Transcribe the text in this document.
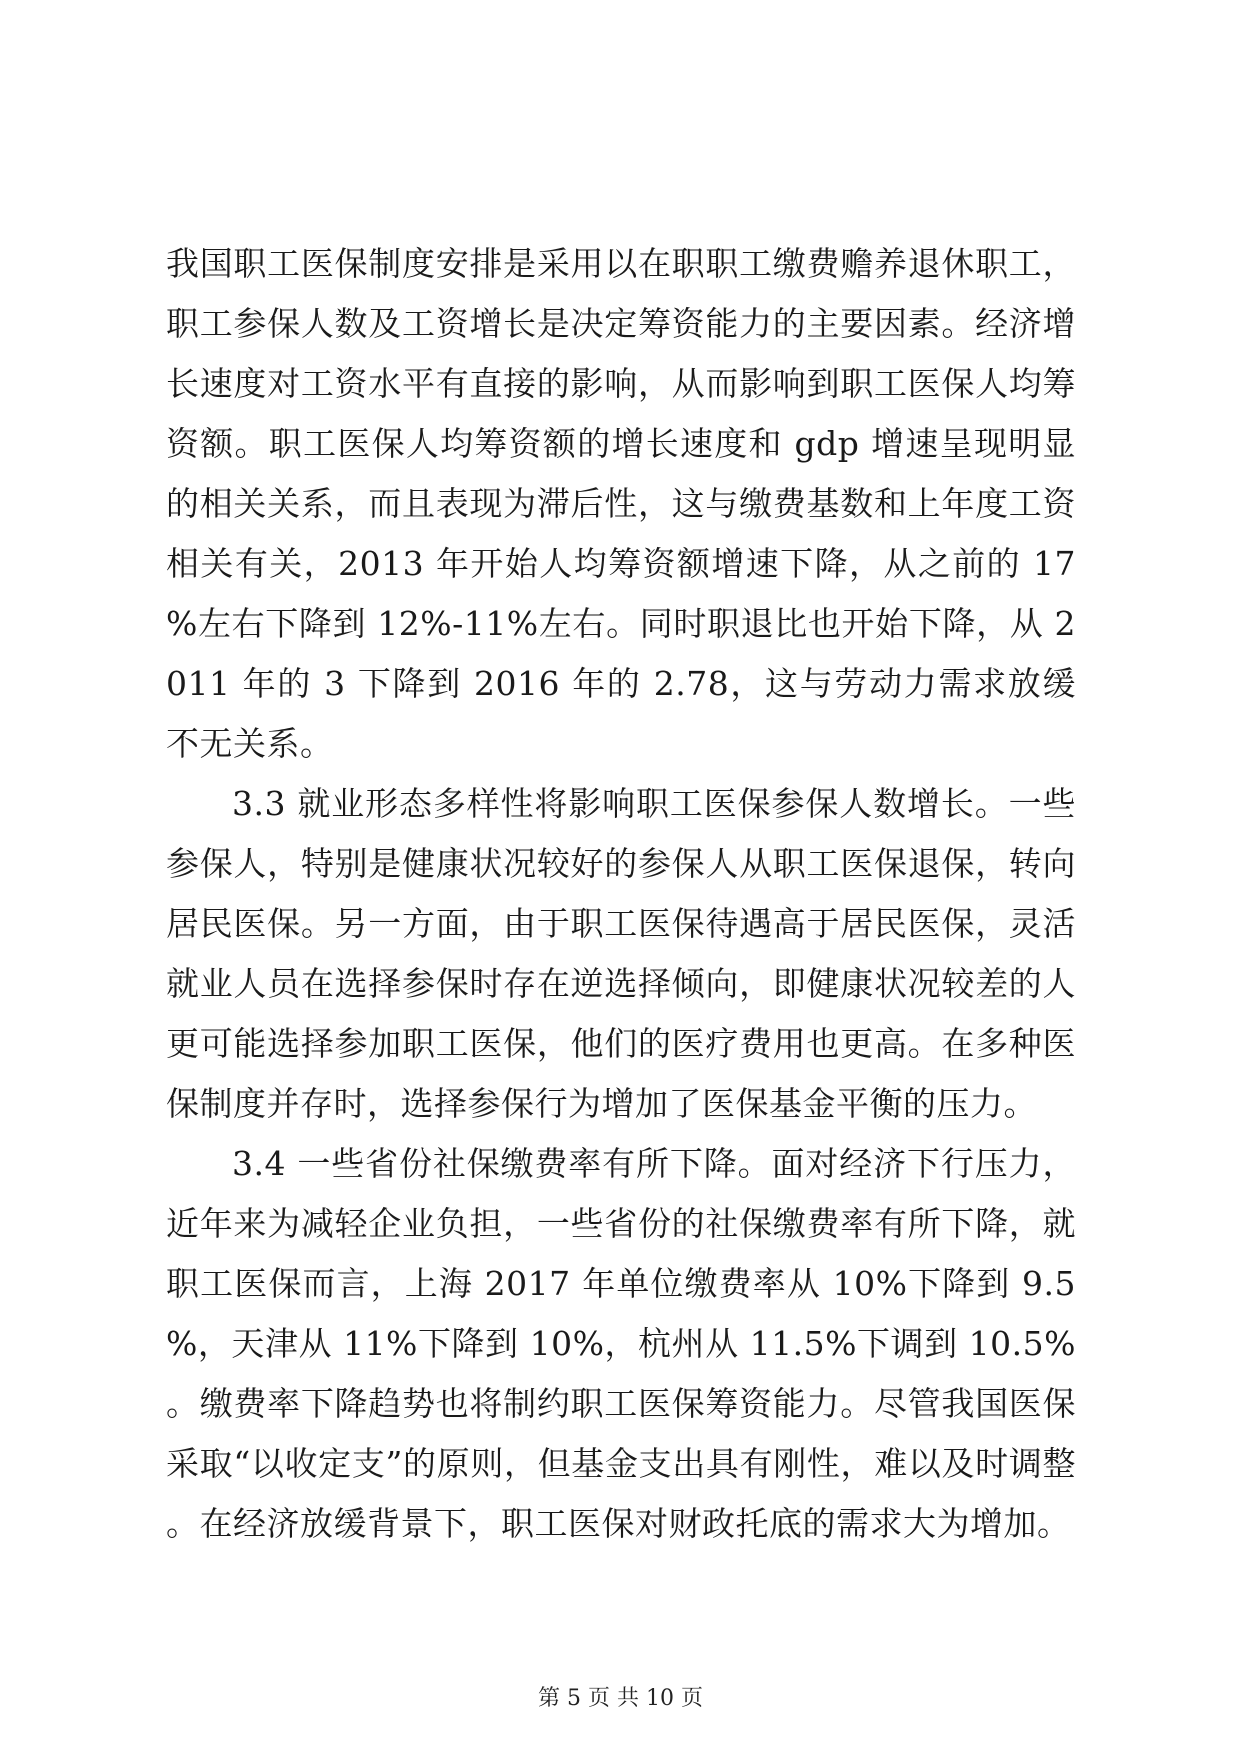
我国职工医保制度安排是采用以在职职工缴费赡养退休职工，职工参保人数及工资增长是决定筹资能力的主要因素。经济增长速度对工资水平有直接的影响，从而影响到职工医保人均筹资额。职工医保人均筹资额的增长速度和 gdp 增速呈现明显的相关关系，而且表现为滞后性，这与缴费基数和上年度工资相关有关，2013 年开始人均筹资额增速下降，从之前的 17%左右下降到 12%-11%左右。同时职退比也开始下降，从 2011 年的 3 下降到 2016 年的 2.78，这与劳动力需求放缓不无关系。

3.3 就业形态多样性将影响职工医保参保人数增长。一些参保人，特别是健康状况较好的参保人从职工医保退保，转向居民医保。另一方面，由于职工医保待遇高于居民医保，灵活就业人员在选择参保时存在逆选择倾向，即健康状况较差的人更可能选择参加职工医保，他们的医疗费用也更高。在多种医保制度并存时，选择参保行为增加了医保基金平衡的压力。

3.4 一些省份社保缴费率有所下降。面对经济下行压力，近年来为减轻企业负担，一些省份的社保缴费率有所下降，就职工医保而言，上海 2017 年单位缴费率从 10%下降到 9.5%，天津从 11%下降到 10%，杭州从 11.5%下调到 10.5%。缴费率下降趋势也将制约职工医保筹资能力。尽管我国医保采取“以收定支”的原则，但基金支出具有刚性，难以及时调整。在经济放缓背景下，职工医保对财政托底的需求大为增加。

第 5 页 共 10 页
